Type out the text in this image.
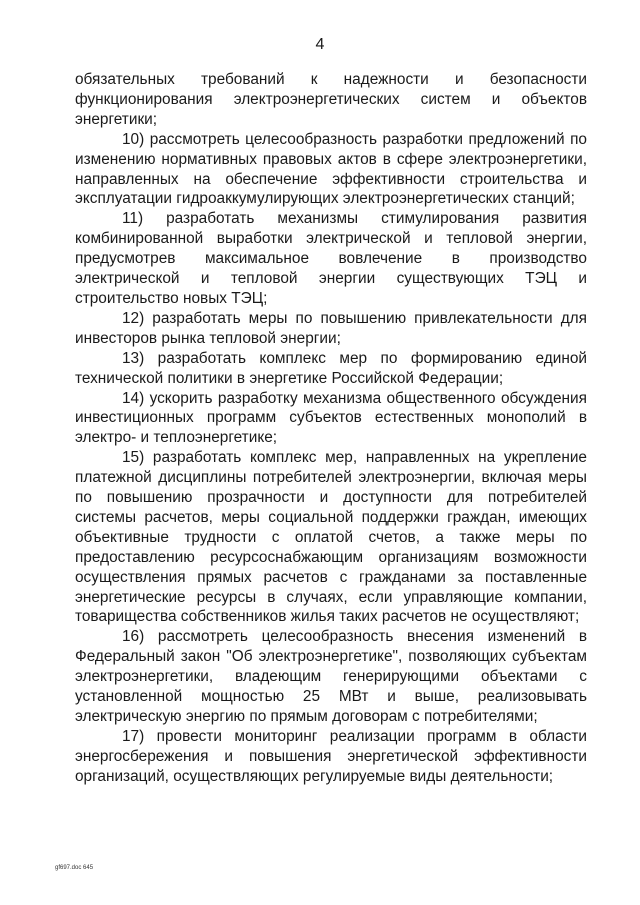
4

обязательных требований к надежности и безопасности функционирования электроэнергетических систем и объектов энергетики;

10) рассмотреть целесообразность разработки предложений по изменению нормативных правовых актов в сфере электроэнергетики, направленных на обеспечение эффективности строительства и эксплуатации гидроаккумулирующих электроэнергетических станций;

11) разработать механизмы стимулирования развития комбинированной выработки электрической и тепловой энергии, предусмотрев максимальное вовлечение в производство электрической и тепловой энергии существующих ТЭЦ и строительство новых ТЭЦ;

12) разработать меры по повышению привлекательности для инвесторов рынка тепловой энергии;

13) разработать комплекс мер по формированию единой технической политики в энергетике Российской Федерации;

14) ускорить разработку механизма общественного обсуждения инвестиционных программ субъектов естественных монополий в электро- и теплоэнергетике;

15) разработать комплекс мер, направленных на укрепление платежной дисциплины потребителей электроэнергии, включая меры по повышению прозрачности и доступности для потребителей системы расчетов, меры социальной поддержки граждан, имеющих объективные трудности с оплатой счетов, а также меры по предоставлению ресурсоснабжающим организациям возможности осуществления прямых расчетов с гражданами за поставленные энергетические ресурсы в случаях, если управляющие компании, товарищества собственников жилья таких расчетов не осуществляют;

16) рассмотреть целесообразность внесения изменений в Федеральный закон "Об электроэнергетике", позволяющих субъектам электроэнергетики, владеющим генерирующими объектами с установленной мощностью 25 МВт и выше, реализовывать электрическую энергию по прямым договорам с потребителями;

17) провести мониторинг реализации программ в области энергосбережения и повышения энергетической эффективности организаций, осуществляющих регулируемые виды деятельности;

gf697.doc 645
